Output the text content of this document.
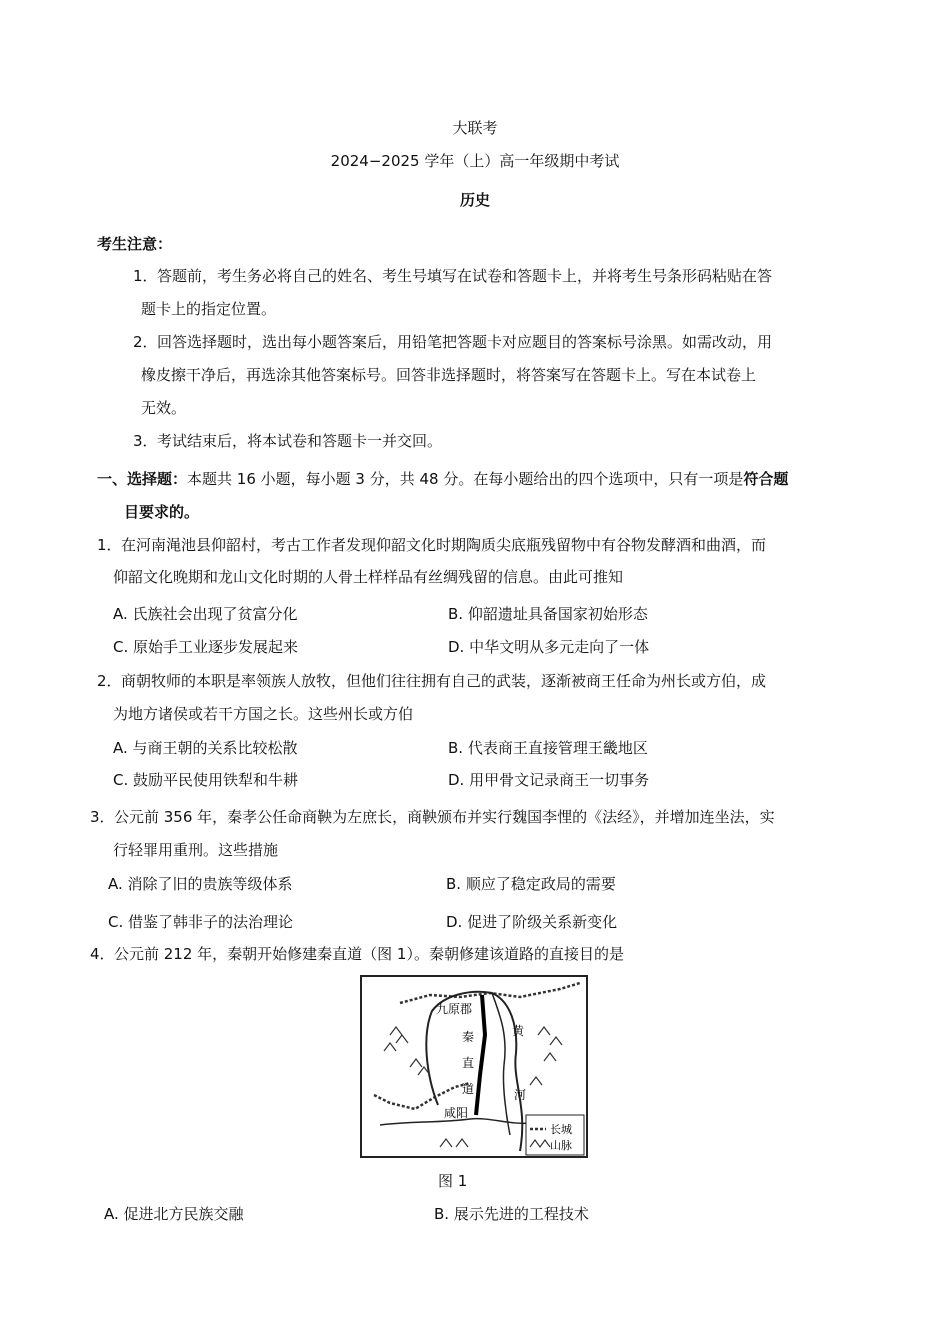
大联考
2024−2025 学年（上）高一年级期中考试
历史
考生注意：
1． 答题前，考生务必将自己的姓名、考生号填写在试卷和答题卡上，并将考生号条形码粘贴在答
题卡上的指定位置。
2． 回答选择题时，选出每小题答案后，用铅笔把答题卡对应题目的答案标号涂黑。如需改动，用
橡皮擦干净后，再选涂其他答案标号。回答非选择题时，将答案写在答题卡上。写在本试卷上
无效。
3． 考试结束后，将本试卷和答题卡一并交回。
一、选择题：本题共 16 小题，每小题 3 分，共 48 分。在每小题给出的四个选项中，只有一项是符合题
目要求的。
1． 在河南渑池县仰韶村，考古工作者发现仰韶文化时期陶质尖底瓶残留物中有谷物发酵酒和曲酒，而
仰韶文化晚期和龙山文化时期的人骨土样样品有丝绸残留的信息。由此可推知
A. 氏族社会出现了贫富分化	B. 仰韶遗址具备国家初始形态
C. 原始手工业逐步发展起来	D. 中华文明从多元走向了一体
2． 商朝牧师的本职是率领族人放牧，但他们往往拥有自己的武装，逐渐被商王任命为州长或方伯，成
为地方诸侯或若干方国之长。这些州长或方伯
A. 与商王朝的关系比较松散	B. 代表商王直接管理王畿地区
C. 鼓励平民使用铁犁和牛耕	D. 用甲骨文记录商王一切事务
3． 公元前 356 年，秦孝公任命商鞅为左庶长，商鞅颁布并实行魏国李悝的《法经》，并增加连坐法，实
行轻罪用重刑。这些措施
A. 消除了旧的贵族等级体系	B. 顺应了稳定政局的需要
C. 借鉴了韩非子的法治理论	D. 促进了阶级关系新变化
4． 公元前 212 年，秦朝开始修建秦直道（图 1）。秦朝修建该道路的直接目的是
九原郡
秦
直
道
咸阳
黄
河
长城
山脉
图 1
A. 促进北方民族交融	B. 展示先进的工程技术
